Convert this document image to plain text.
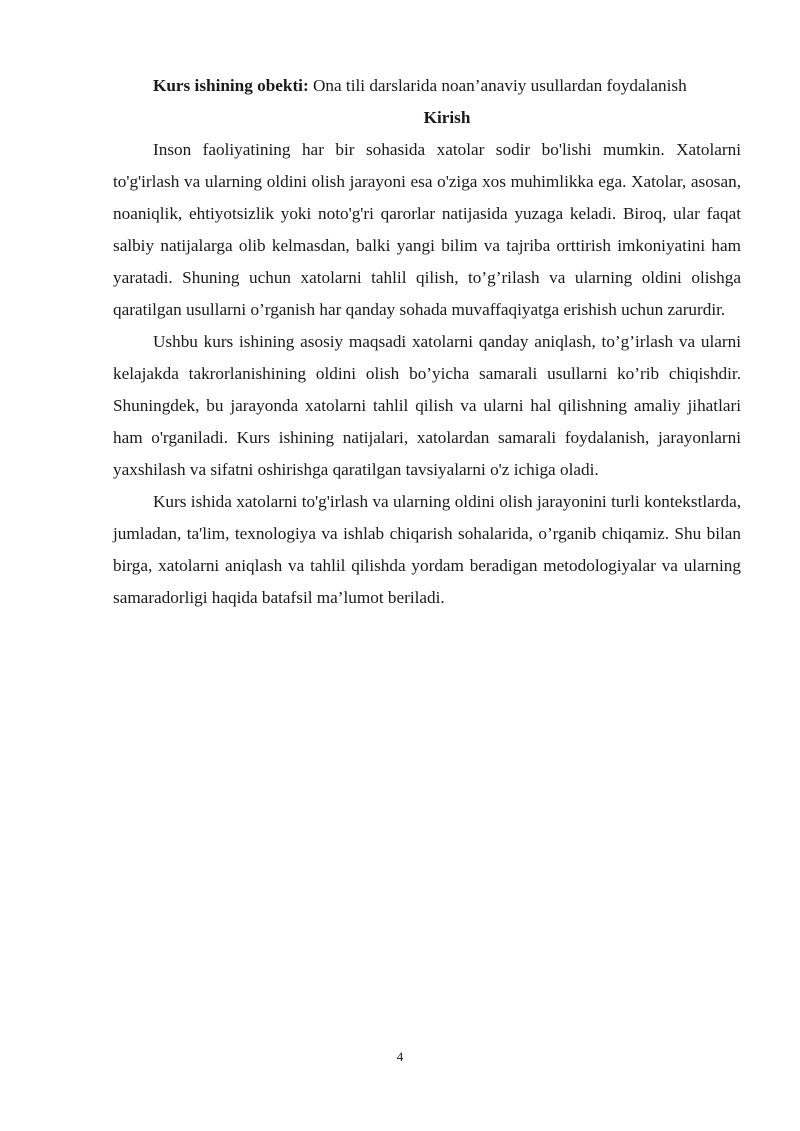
Kurs ishining obekti: Ona tili darslarida noan’anaviy usullardan foydalanish

Kirish

Inson faoliyatining har bir sohasida xatolar sodir bo'lishi mumkin. Xatolarni to'g'irlash va ularning oldini olish jarayoni esa o'ziga xos muhimlikka ega. Xatolar, asosan, noaniqlik, ehtiyotsizlik yoki noto'g'ri qarorlar natijasida yuzaga keladi. Biroq, ular faqat salbiy natijalarga olib kelmasdan, balki yangi bilim va tajriba orttirish imkoniyatini ham yaratadi. Shuning uchun xatolarni tahlil qilish, to’g’rilash va ularning oldini olishga qaratilgan usullarni o’rganish har qanday sohada muvaffaqiyatga erishish uchun zarurdir.

Ushbu kurs ishining asosiy maqsadi xatolarni qanday aniqlash, to’g’irlash va ularni kelajakda takrorlanishining oldini olish bo’yicha samarali usullarni ko’rib chiqishdir. Shuningdek, bu jarayonda xatolarni tahlil qilish va ularni hal qilishning amaliy jihatlari ham o'rganiladi. Kurs ishining natijalari, xatolardan samarali foydalanish, jarayonlarni yaxshilash va sifatni oshirishga qaratilgan tavsiyalarni o'z ichiga oladi.

Kurs ishida xatolarni to'g'irlash va ularning oldini olish jarayonini turli kontekstlarda, jumladan, ta'lim, texnologiya va ishlab chiqarish sohalarida, o’rganib chiqamiz. Shu bilan birga, xatolarni aniqlash va tahlil qilishda yordam beradigan metodologiyalar va ularning samaradorligi haqida batafsil ma’lumot beriladi.

4
